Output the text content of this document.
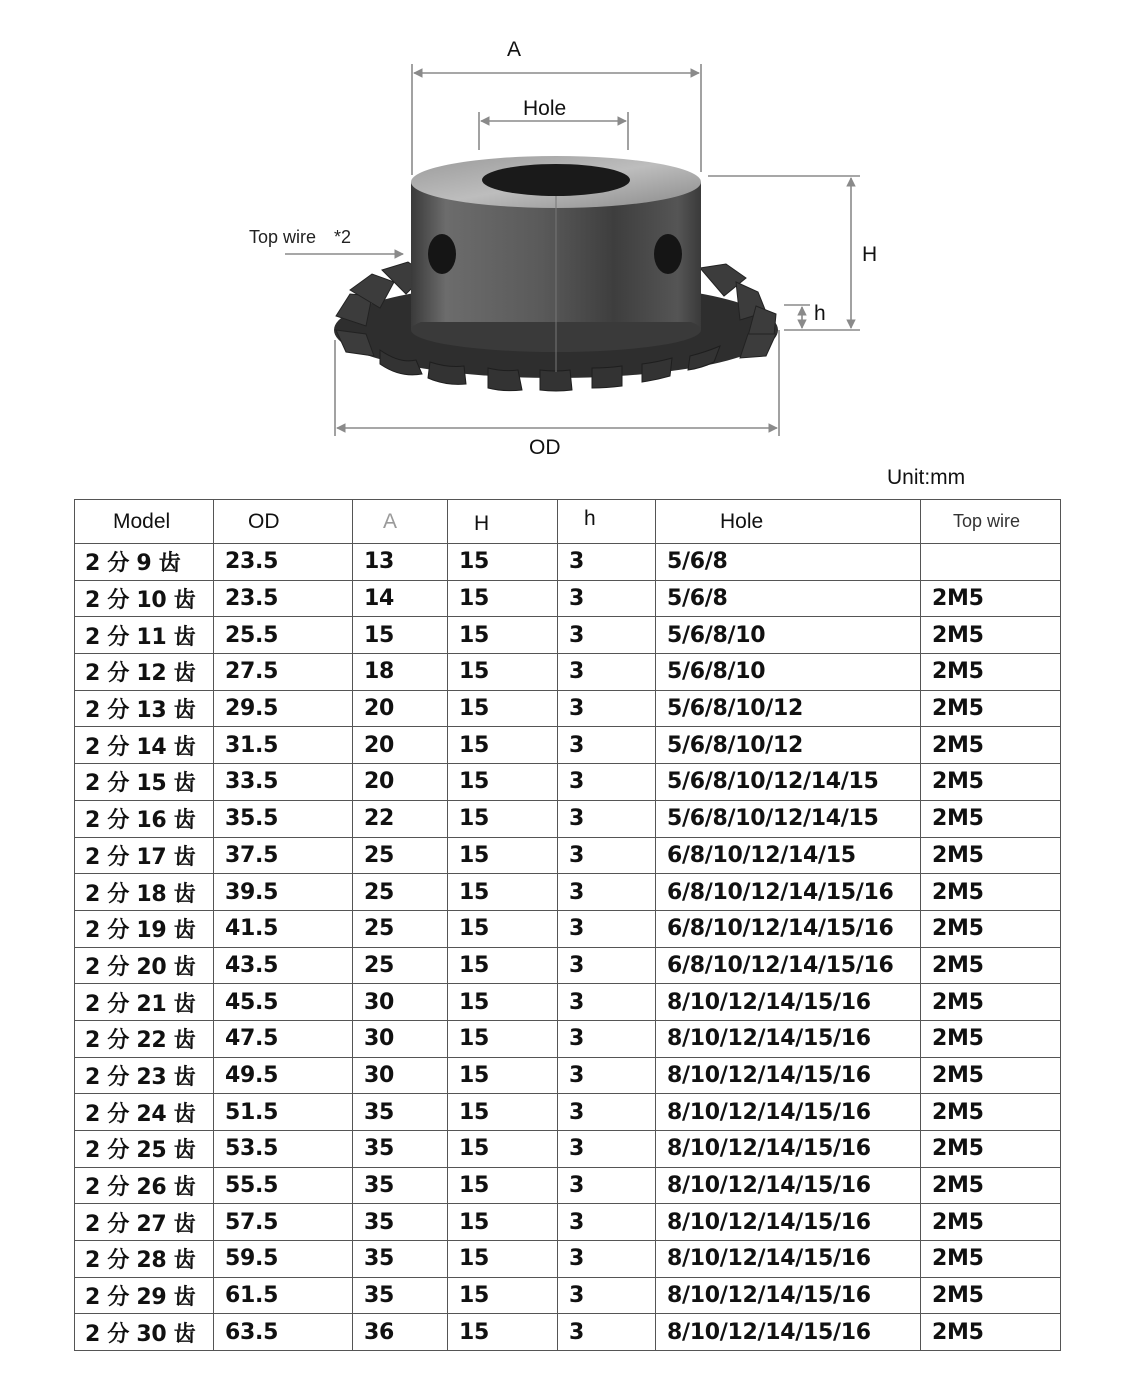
A
Hole
H
h
OD
Top wire *2
Unit:mm
Model	OD	A	H	h	Hole	Top wire
2 分 9 齿	23.5	13	15	3	5/6/8	
2 分 10 齿	23.5	14	15	3	5/6/8	2M5
2 分 11 齿	25.5	15	15	3	5/6/8/10	2M5
2 分 12 齿	27.5	18	15	3	5/6/8/10	2M5
2 分 13 齿	29.5	20	15	3	5/6/8/10/12	2M5
2 分 14 齿	31.5	20	15	3	5/6/8/10/12	2M5
2 分 15 齿	33.5	20	15	3	5/6/8/10/12/14/15	2M5
2 分 16 齿	35.5	22	15	3	5/6/8/10/12/14/15	2M5
2 分 17 齿	37.5	25	15	3	6/8/10/12/14/15	2M5
2 分 18 齿	39.5	25	15	3	6/8/10/12/14/15/16	2M5
2 分 19 齿	41.5	25	15	3	6/8/10/12/14/15/16	2M5
2 分 20 齿	43.5	25	15	3	6/8/10/12/14/15/16	2M5
2 分 21 齿	45.5	30	15	3	8/10/12/14/15/16	2M5
2 分 22 齿	47.5	30	15	3	8/10/12/14/15/16	2M5
2 分 23 齿	49.5	30	15	3	8/10/12/14/15/16	2M5
2 分 24 齿	51.5	35	15	3	8/10/12/14/15/16	2M5
2 分 25 齿	53.5	35	15	3	8/10/12/14/15/16	2M5
2 分 26 齿	55.5	35	15	3	8/10/12/14/15/16	2M5
2 分 27 齿	57.5	35	15	3	8/10/12/14/15/16	2M5
2 分 28 齿	59.5	35	15	3	8/10/12/14/15/16	2M5
2 分 29 齿	61.5	35	15	3	8/10/12/14/15/16	2M5
2 分 30 齿	63.5	36	15	3	8/10/12/14/15/16	2M5
